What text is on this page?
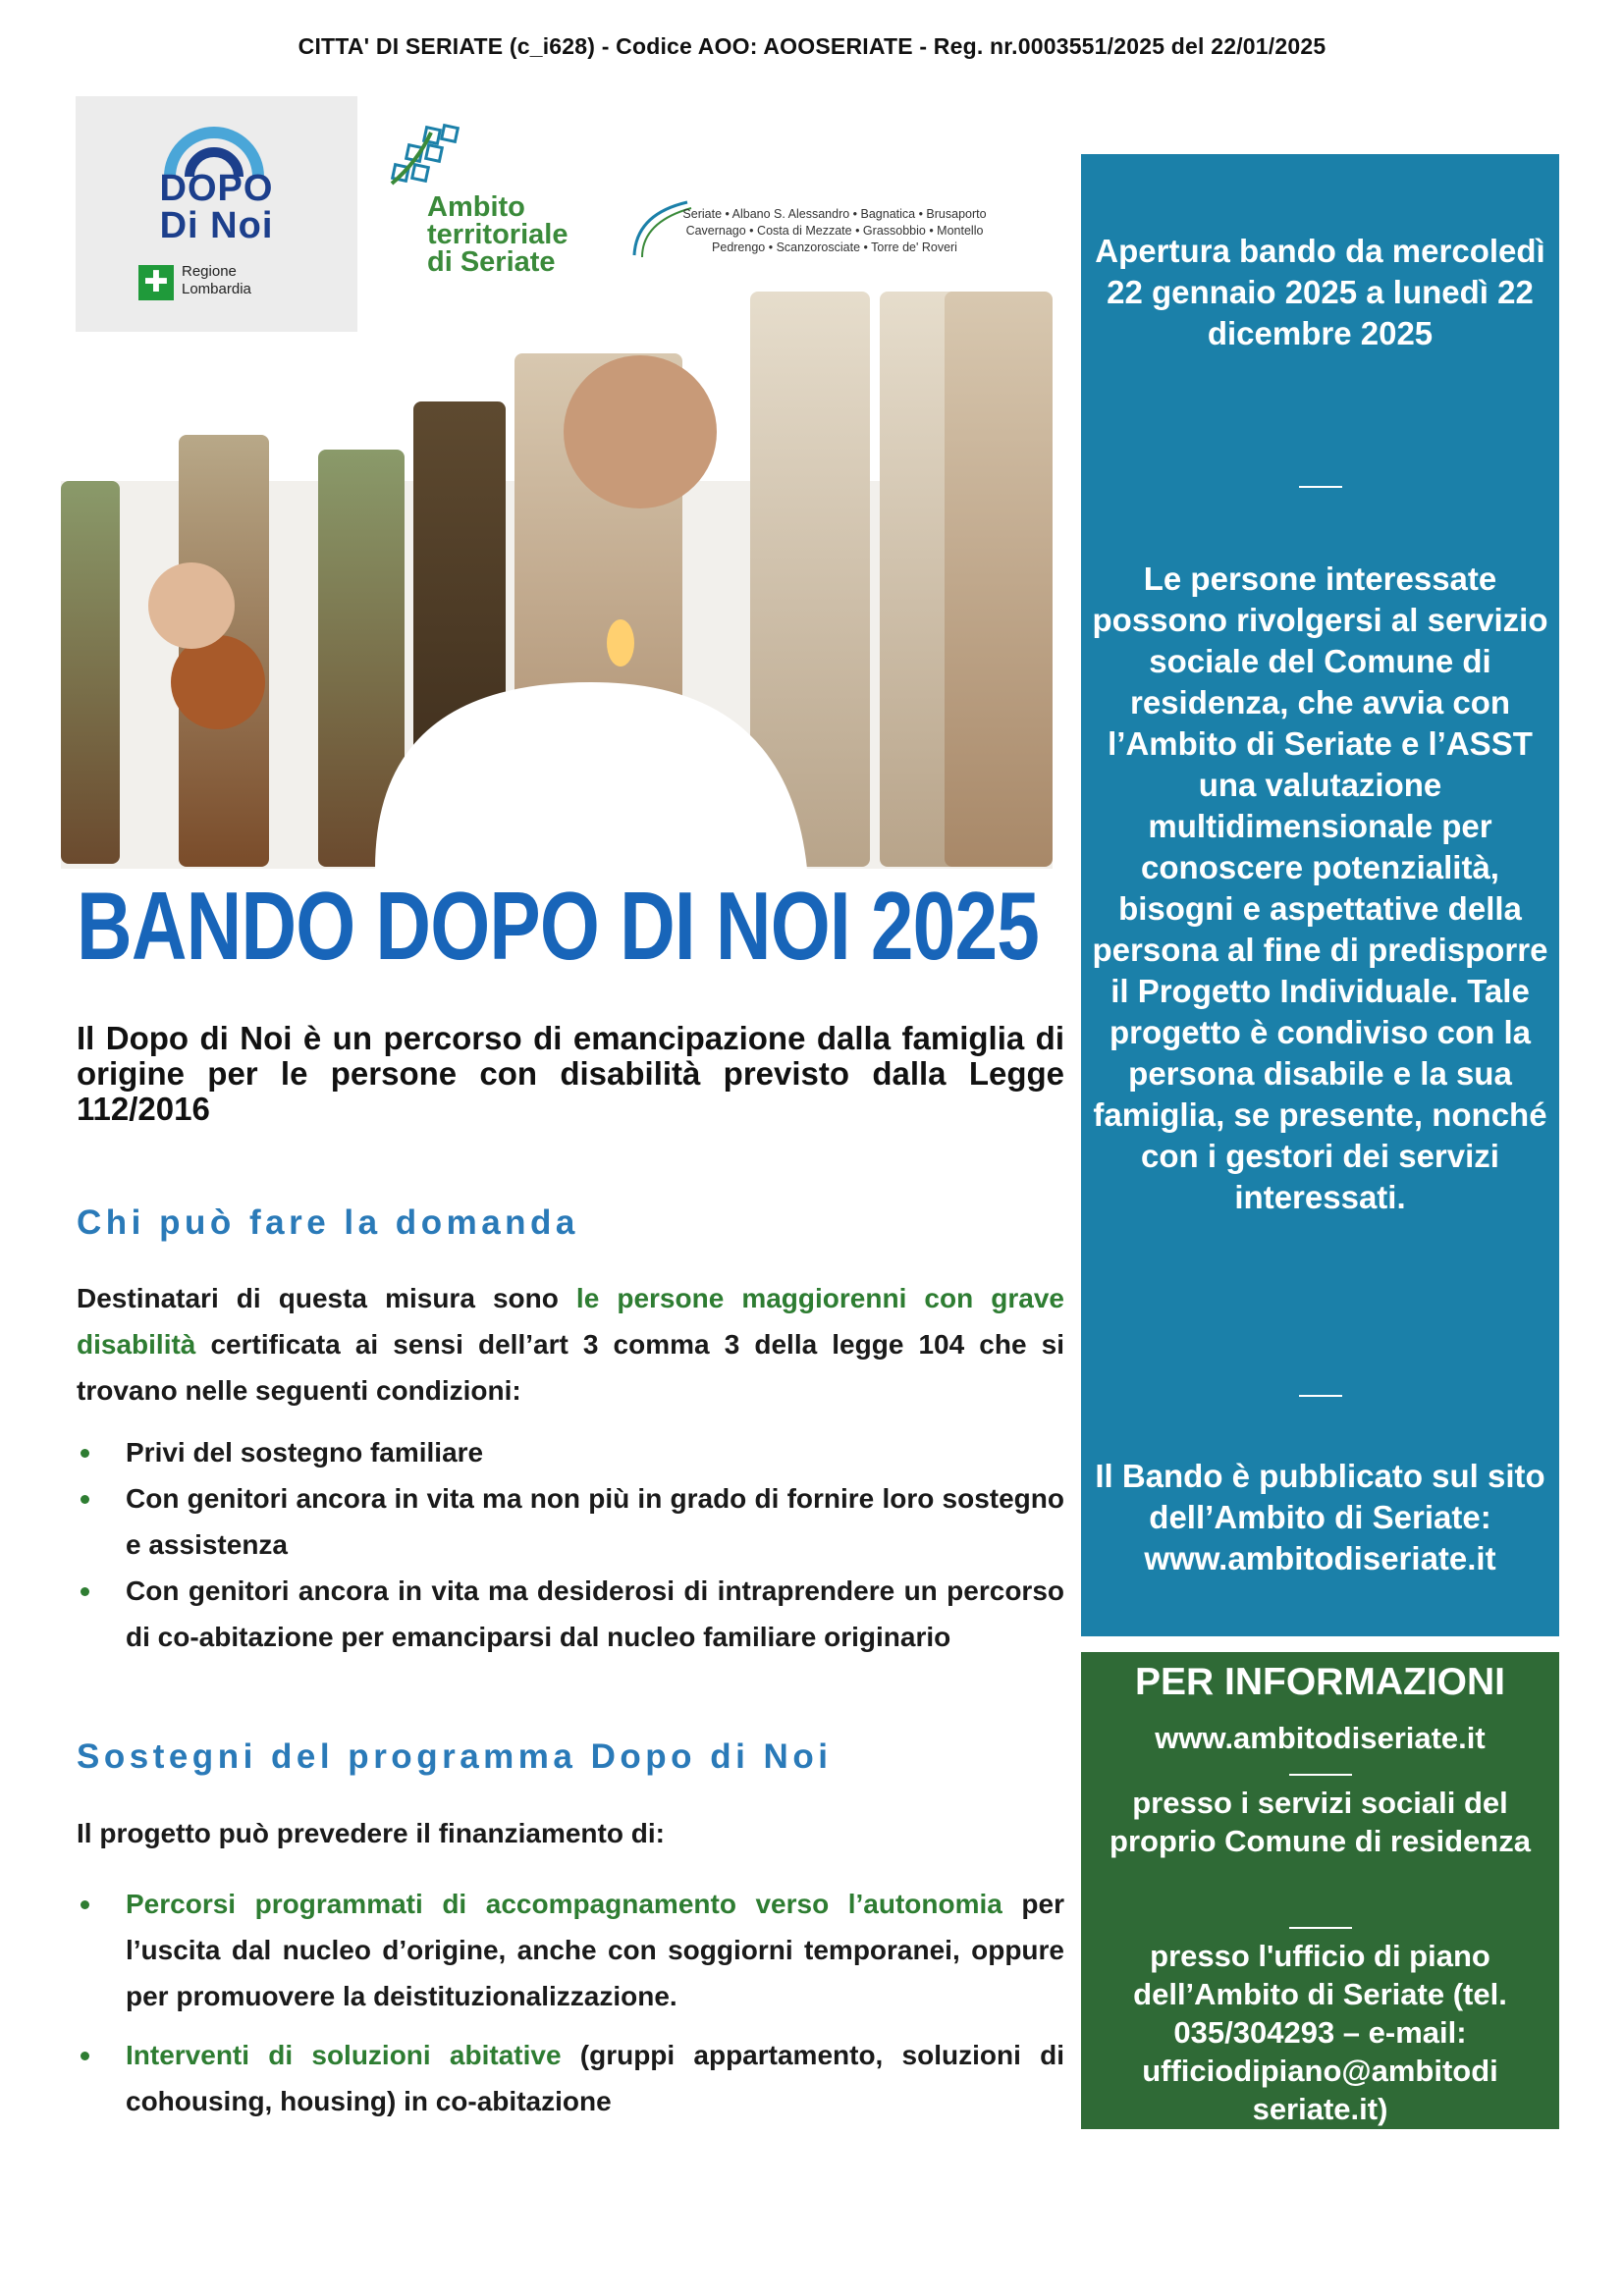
CITTA' DI SERIATE (c_i628) - Codice AOO: AOOSERIATE - Reg. nr.0003551/2025 del 22/01/2025
DOPO
Di Noi
✚ Regione
Lombardia
Ambito
territoriale
di Seriate
Seriate • Albano S. Alessandro • Bagnatica • Brusaporto
Cavernago • Costa di Mezzate • Grassobbio • Montello
Pedrengo • Scanzorosciate • Torre de' Roveri
BANDO DOPO DI NOI 2025
Il Dopo di Noi è un percorso di emancipazione dalla famiglia di origine per le persone con disabilità previsto dalla Legge 112/2016
Chi può fare la domanda
Destinatari di questa misura sono le persone maggiorenni con grave disabilità certificata ai sensi dell’art 3 comma 3 della legge 104 che si trovano nelle seguenti condizioni:
Privi del sostegno familiare
Con genitori ancora in vita ma non più in grado di fornire loro sostegno e assistenza
Con genitori ancora in vita ma desiderosi di intraprendere un percorso di co-abitazione per emanciparsi dal nucleo familiare originario
Sostegni del programma Dopo di Noi
Il progetto può prevedere il finanziamento di:
Percorsi programmati di accompagnamento verso l’autonomia per l’uscita dal nucleo d’origine, anche con soggiorni temporanei, oppure per promuovere la deistituzionalizzazione.
Interventi di soluzioni abitative (gruppi appartamento, soluzioni di cohousing, housing) in co-abitazione
Apertura bando da mercoledì 22 gennaio 2025 a lunedì 22 dicembre 2025
Le persone interessate possono rivolgersi al servizio sociale del Comune di residenza, che avvia con l’Ambito di Seriate e l’ASST una valutazione multidimensionale per conoscere potenzialità, bisogni e aspettative della persona al fine di predisporre il Progetto Individuale. Tale progetto è condiviso con la persona disabile e la sua famiglia, se presente, nonché con i gestori dei servizi interessati.
Il Bando è pubblicato sul sito dell’Ambito di Seriate: www.ambitodiseriate.it
PER INFORMAZIONI
www.ambitodiseriate.it
presso i servizi sociali del proprio Comune di residenza
presso l'ufficio di piano dell’Ambito di Seriate (tel. 035/304293 – e-mail: ufficiodipiano@ambitodi seriate.it)
